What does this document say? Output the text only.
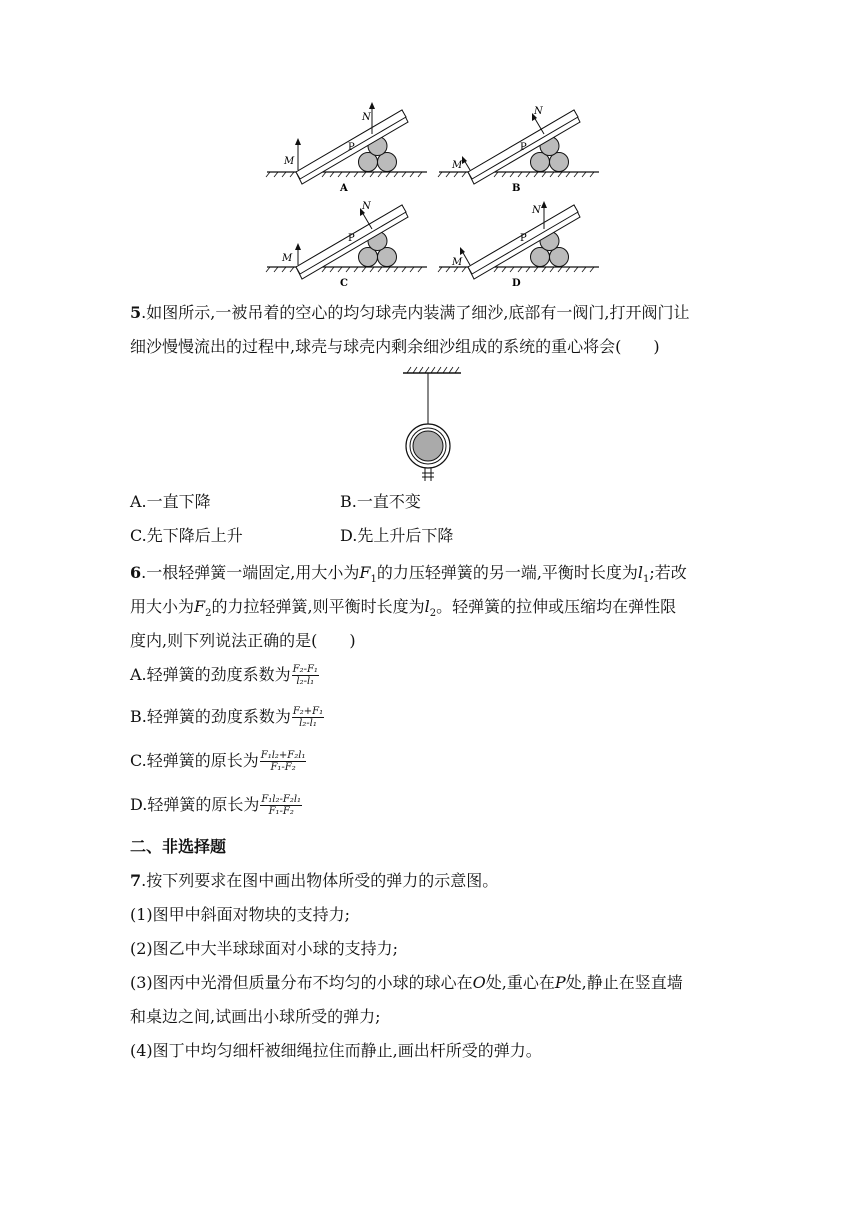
M
N
P
A
M
N
P
B
M
N
P
C
M
N
P
D
5.如图所示,一被吊着的空心的均匀球壳内装满了细沙,底部有一阀门,打开阀门让
细沙慢慢流出的过程中,球壳与球壳内剩余细沙组成的系统的重心将会(　　)
A.一直下降	B.一直不变
C.先下降后上升	D.先上升后下降
6.一根轻弹簧一端固定,用大小为$F_1$的力压轻弹簧的另一端,平衡时长度为$l_1$;若改
用大小为$F_2$的力拉轻弹簧,则平衡时长度为$l_2$。轻弹簧的拉伸或压缩均在弹性限
度内,则下列说法正确的是(　　)
A.轻弹簧的劲度系数为 $\frac{\text{F₂-F₁}}{\text{l₂-l₁}}$
B.轻弹簧的劲度系数为 $\frac{\text{F₂+F₁}}{\text{l₂-l₁}}$
C.轻弹簧的原长为 $\frac{\text{F₁l₂+F₂l₁}}{\text{F₁-F₂}}$
D.轻弹簧的原长为 $\frac{\text{F₁l₂-F₂l₁}}{\text{F₁-F₂}}$
二、非选择题
7.按下列要求在图中画出物体所受的弹力的示意图。
(1)图甲中斜面对物块的支持力;
(2)图乙中大半球球面对小球的支持力;
(3)图丙中光滑但质量分布不均匀的小球的球心在O处,重心在P处,静止在竖直墙
和桌边之间,试画出小球所受的弹力;
(4)图丁中均匀细杆被细绳拉住而静止,画出杆所受的弹力。
